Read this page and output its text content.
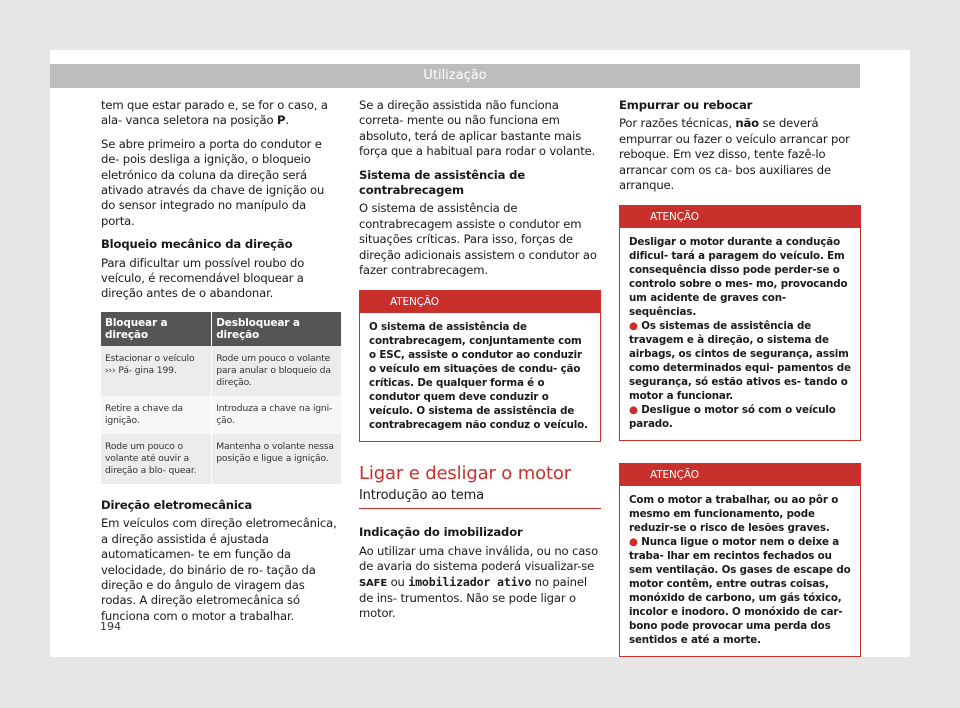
Utilização

tem que estar parado e, se for o caso, a ala- vanca seletora na posição P.

Se abre primeiro a porta do condutor e de- pois desliga a ignição, o bloqueio eletrónico da coluna da direção será ativado através da chave de ignição ou do sensor integrado no manípulo da porta.

Bloqueio mecânico da direção

Para dificultar um possível roubo do veículo, é recomendável bloquear a direção antes de o abandonar.

Bloquear a direção	Desbloquear a direção
Estacionar o veículo ››› Pá- gina 199.	Rode um pouco o volante para anular o bloqueio da direção.
Retire a chave da ignição.	Introduza a chave na igni- ção.
Rode um pouco o volante até ouvir a direção a blo- quear.	Mantenha o volante nessa posição e ligue a ignição.

Direção eletromecânica

Em veículos com direção eletromecânica, a direção assistida é ajustada automaticamen- te em função da velocidade, do binário de ro- tação da direção e do ângulo de viragem das rodas. A direção eletromecânica só funciona com o motor a trabalhar.

Se a direção assistida não funciona correta- mente ou não funciona em absoluto, terá de aplicar bastante mais força que a habitual para rodar o volante.

Sistema de assistência de contrabrecagem

O sistema de assistência de contrabrecagem assiste o condutor em situações críticas. Para isso, forças de direção adicionais assistem o condutor ao fazer contrabrecagem.

ATENÇÃO

O sistema de assistência de contrabrecagem, conjuntamente com o ESC, assiste o condutor ao conduzir o veículo em situações de condu- ção críticas. De qualquer forma é o condutor quem deve conduzir o veículo. O sistema de assistência de contrabrecagem não conduz o veículo.

Ligar e desligar o motor
Introdução ao tema

Indicação do imobilizador

Ao utilizar uma chave inválida, ou no caso de avaria do sistema poderá visualizar-se SAFE ou imobilizador ativo no painel de ins- trumentos. Não se pode ligar o motor.

Empurrar ou rebocar

Por razões técnicas, não se deverá empurrar ou fazer o veículo arrancar por reboque. Em vez disso, tente fazê-lo arrancar com os ca- bos auxiliares de arranque.

ATENÇÃO

Desligar o motor durante a condução dificul- tará a paragem do veículo. Em consequência disso pode perder-se o controlo sobre o mes- mo, provocando um acidente de graves con- sequências.

● Os sistemas de assistência de travagem e à direção, o sistema de airbags, os cintos de segurança, assim como determinados equi- pamentos de segurança, só estão ativos es- tando o motor a funcionar.

● Desligue o motor só com o veículo parado.

ATENÇÃO

Com o motor a trabalhar, ou ao pôr o mesmo em funcionamento, pode reduzir-se o risco de lesões graves.

● Nunca ligue o motor nem o deixe a traba- lhar em recintos fechados ou sem ventilação. Os gases de escape do motor contêm, entre outras coisas, monóxido de carbono, um gás tóxico, incolor e inodoro. O monóxido de car- bono pode provocar uma perda dos sentidos e até a morte.

194
